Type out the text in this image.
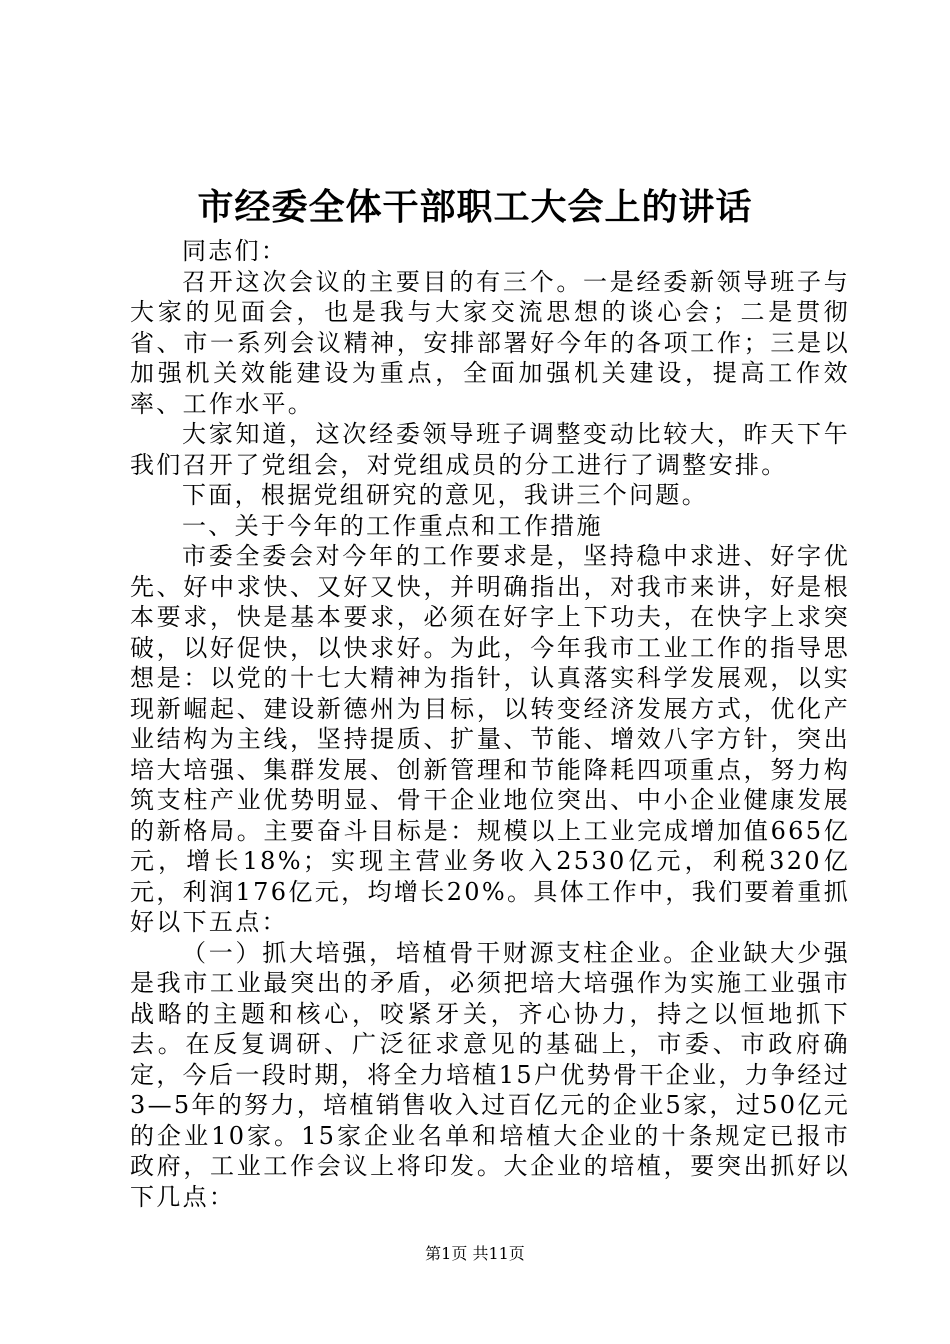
市经委全体干部职工大会上的讲话

同志们：

召开这次会议的主要目的有三个。一是经委新领导班子与大家的见面会，也是我与大家交流思想的谈心会；二是贯彻省、市一系列会议精神，安排部署好今年的各项工作；三是以加强机关效能建设为重点，全面加强机关建设，提高工作效率、工作水平。

大家知道，这次经委领导班子调整变动比较大，昨天下午我们召开了党组会，对党组成员的分工进行了调整安排。

下面，根据党组研究的意见，我讲三个问题。

一、关于今年的工作重点和工作措施

市委全委会对今年的工作要求是，坚持稳中求进、好字优先、好中求快、又好又快，并明确指出，对我市来讲，好是根本要求，快是基本要求，必须在好字上下功夫，在快字上求突破，以好促快，以快求好。为此，今年我市工业工作的指导思想是：以党的十七大精神为指针，认真落实科学发展观，以实现新崛起、建设新德州为目标，以转变经济发展方式，优化产业结构为主线，坚持提质、扩量、节能、增效八字方针，突出培大培强、集群发展、创新管理和节能降耗四项重点，努力构筑支柱产业优势明显、骨干企业地位突出、中小企业健康发展的新格局。主要奋斗目标是：规模以上工业完成增加值665亿元，增长18%；实现主营业务收入2530亿元，利税320亿元，利润176亿元，均增长20%。具体工作中，我们要着重抓好以下五点：

（一）抓大培强，培植骨干财源支柱企业。企业缺大少强是我市工业最突出的矛盾，必须把培大培强作为实施工业强市战略的主题和核心，咬紧牙关，齐心协力，持之以恒地抓下去。在反复调研、广泛征求意见的基础上，市委、市政府确定，今后一段时期，将全力培植15户优势骨干企业，力争经过3—5年的努力，培植销售收入过百亿元的企业5家，过50亿元的企业10家。15家企业名单和培植大企业的十条规定已报市政府，工业工作会议上将印发。大企业的培植，要突出抓好以下几点：

第1页 共11页
